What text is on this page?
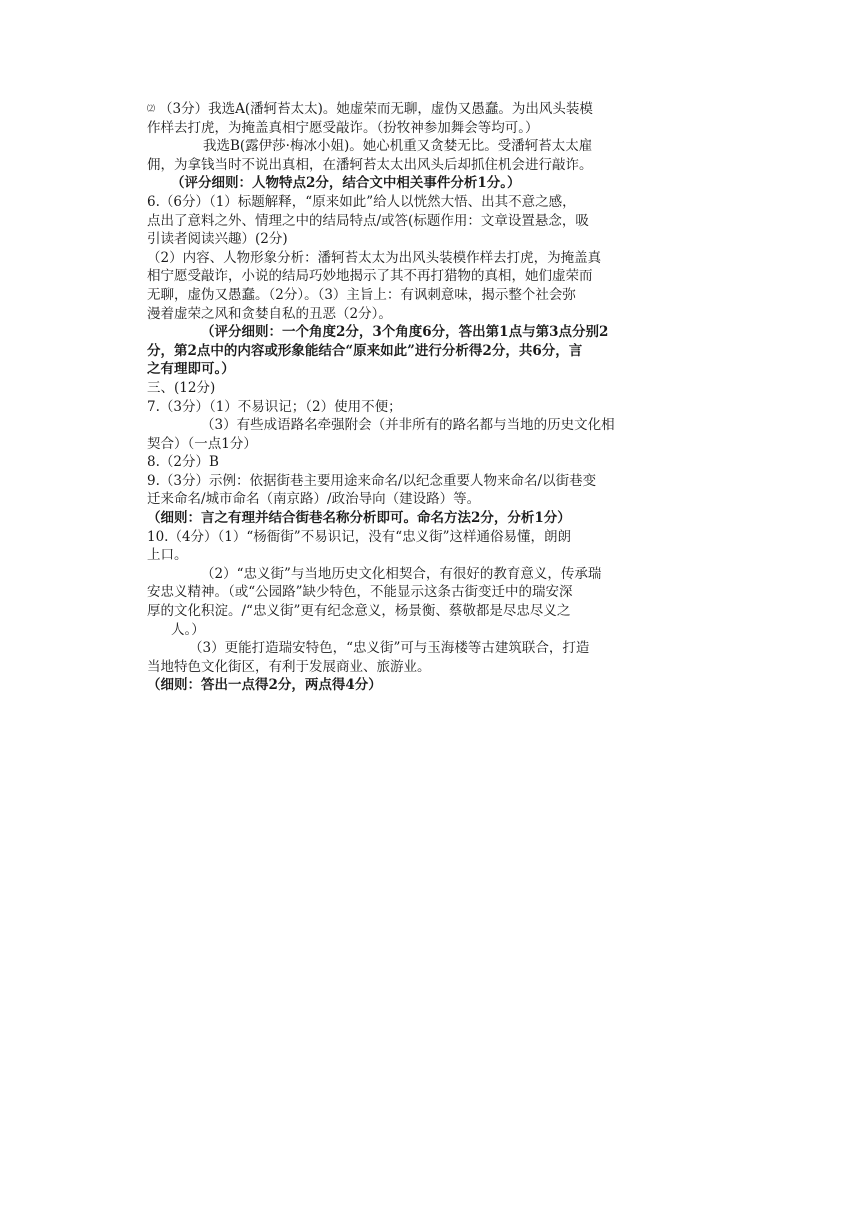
⑵ （3分）我选A(潘轲苔太太)。她虚荣而无聊，虚伪又愚蠢。为出风头装模

作样去打虎，为掩盖真相宁愿受敲诈。（扮牧神参加舞会等均可。）

我选B(露伊莎·梅冰小姐)。她心机重又贪婪无比。受潘轲苔太太雇

佣，为拿钱当时不说出真相，在潘轲苔太太出风头后却抓住机会进行敲诈。

（评分细则：人物特点2分，结合文中相关事件分析1分。）

6.（6分）（1）标题解释，“原来如此”给人以恍然大悟、出其不意之感，

点出了意料之外、情理之中的结局特点/或答(标题作用：文章设置悬念，吸

引读者阅读兴趣）(2分)

（2）内容、人物形象分析：潘轲苔太太为出风头装模作样去打虎，为掩盖真

相宁愿受敲诈，小说的结局巧妙地揭示了其不再打猎物的真相，她们虚荣而

无聊，虚伪又愚蠢。（2分）。（3）主旨上：有讽刺意味，揭示整个社会弥

漫着虚荣之风和贪婪自私的丑恶（2分）。

（评分细则：一个角度2分，3个角度6分，答出第1点与第3点分别2

分，第2点中的内容或形象能结合“原来如此”进行分析得2分，共6分，言

之有理即可。）

三、(12分)

7.（3分）（1）不易识记；（2）使用不便；

（3）有些成语路名牵强附会（并非所有的路名都与当地的历史文化相

契合）（一点1分）

8.（2分）B

9.（3分）示例：依据街巷主要用途来命名/以纪念重要人物来命名/以街巷变

迁来命名/城市命名（南京路）/政治导向（建设路）等。

（细则：言之有理并结合街巷名称分析即可。命名方法2分，分析1分）

10.（4分）（1）“杨衙街”不易识记，没有“忠义街”这样通俗易懂，朗朗

上口。

（2）“忠义街”与当地历史文化相契合，有很好的教育意义，传承瑞

安忠义精神。（或“公园路”缺少特色，不能显示这条古街变迁中的瑞安深

厚的文化积淀。/“忠义街”更有纪念意义，杨景衡、蔡敬都是尽忠尽义之

人。）

（3）更能打造瑞安特色，“忠义街”可与玉海楼等古建筑联合，打造

当地特色文化街区，有利于发展商业、旅游业。

（细则：答出一点得2分，两点得4分）
